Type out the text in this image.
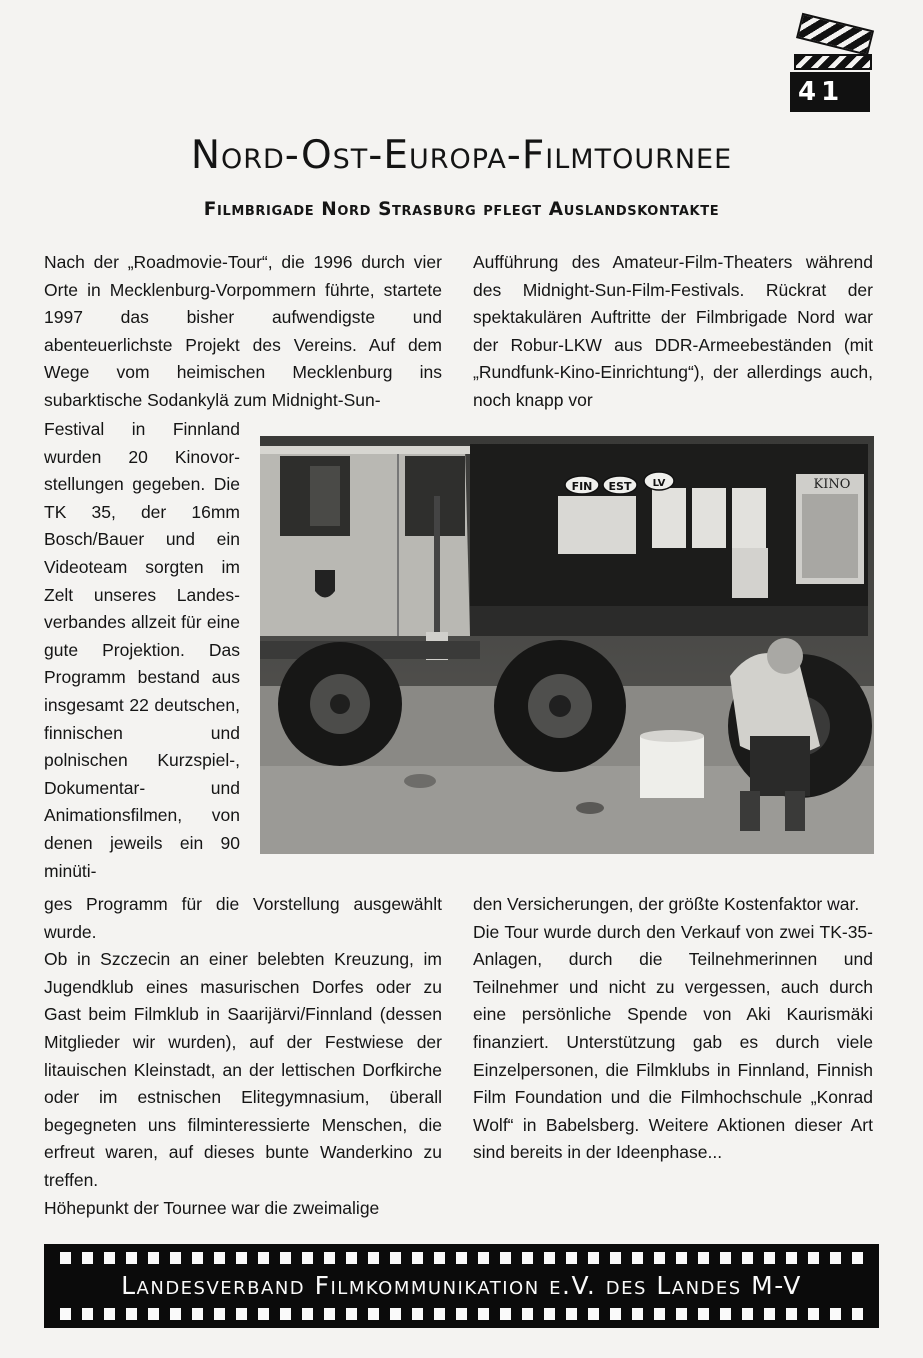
41
Nord-Ost-Europa-Filmtournee
Filmbrigade Nord Strasburg pflegt Auslandskontakte

Nach der „Roadmovie-Tour“, die 1996 durch vier Orte in Mecklenburg-Vorpommern führte, startete 1997 das bisher aufwendigste und abenteuerlichste Projekt des Vereins. Auf dem Wege vom heimischen Mecklenburg ins subarktische Sodankylä zum Midnight-Sun-

Aufführung des Amateur-Film-Theaters während des Midnight-Sun-Film-Festivals. Rückrat der spektakulären Auftritte der Filmbrigade Nord war der Robur-LKW aus DDR-Armeebeständen (mit „Rundfunk-Kino-Einrichtung“), der allerdings auch, noch knapp vor

Festival in Finnland wurden 20 Kinovorstellungen gegeben. Die TK 35, der 16mm Bosch/Bauer und ein Videoteam sorgten im Zelt unseres Landesverbandes allzeit für eine gute Projektion. Das Programm bestand aus insgesamt 22 deutschen, finnischen und polnischen Kurzspiel-, Dokumentar- und Animationsfilmen, von denen jeweils ein 90 minüti-

FIN EST LV	KINO

ges Programm für die Vorstellung ausgewählt wurde.

Ob in Szczecin an einer belebten Kreuzung, im Jugendklub eines masurischen Dorfes oder zu Gast beim Filmklub in Saarijärvi/Finnland (dessen Mitglieder wir wurden), auf der Festwiese der litauischen Kleinstadt, an der lettischen Dorfkirche oder im estnischen Elitegymnasium, überall begegneten uns filminteressierte Menschen, die erfreut waren, auf dieses bunte Wanderkino zu treffen.

Höhepunkt der Tournee war die zweimalige

den Versicherungen, der größte Kostenfaktor war.

Die Tour wurde durch den Verkauf von zwei TK-35-Anlagen, durch die Teilnehmerinnen und Teilnehmer und nicht zu vergessen, auch durch eine persönliche Spende von Aki Kaurismäki finanziert. Unterstützung gab es durch viele Einzelpersonen, die Filmklubs in Finnland, Finnish Film Foundation und die Filmhochschule „Konrad Wolf“ in Babelsberg. Weitere Aktionen dieser Art sind bereits in der Ideenphase...

Landesverband Filmkommunikation e.V. des Landes M-V
